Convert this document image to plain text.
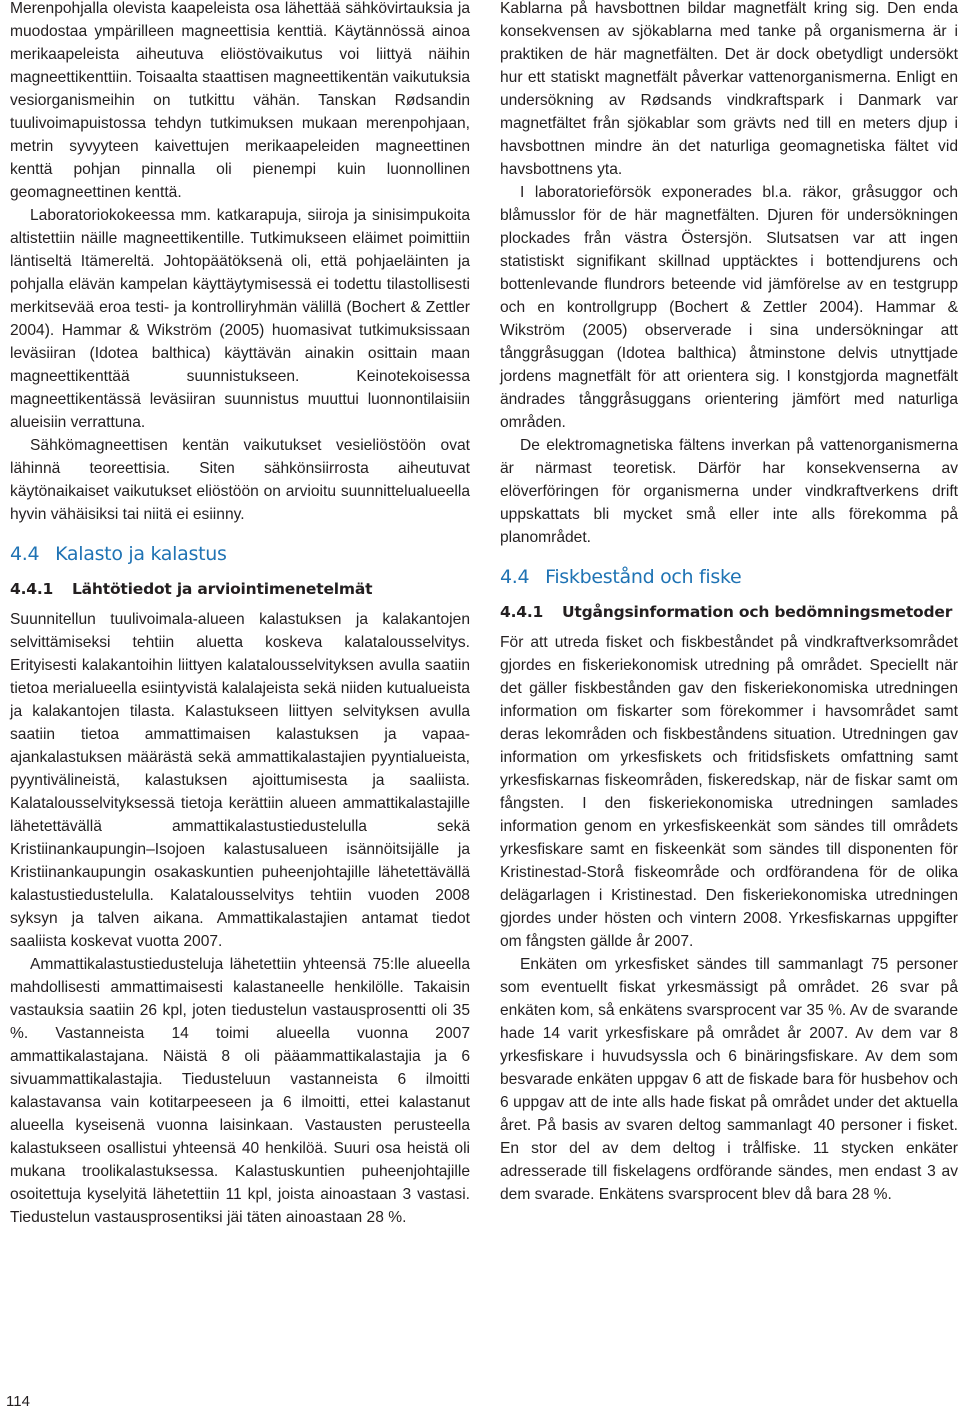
Merenpohjalla olevista kaapeleista osa lähettää sähkövirtauksia ja muodostaa ympärilleen magneettisia kenttiä. Käytännössä ainoa merikaapeleista aiheutuva eliöstövaikutus voi liittyä näihin magneettikenttiin. Toisaalta staattisen magneettikentän vaikutuksia vesiorganismeihin on tutkittu vähän. Tanskan Rødsandin tuulivoimapuistossa tehdyn tutkimuksen mukaan merenpohjaan, metrin syvyyteen kaivettujen merikaapeleiden magneettinen kenttä pohjan pinnalla oli pienempi kuin luonnollinen geomagneettinen kenttä.

Laboratoriokokeessa mm. katkarapuja, siiroja ja sinisimpukoita altistettiin näille magneettikentille. Tutkimukseen eläimet poimittiin läntiseltä Itämereltä. Johtopäätöksenä oli, että pohjaeläinten ja pohjalla elävän kampelan käyttäytymisessä ei todettu tilastollisesti merkitsevää eroa testi- ja kontrolliryhmän välillä (Bochert & Zettler 2004). Hammar & Wikström (2005) huomasivat tutkimuksissaan leväsiiran (Idotea balthica) käyttävän ainakin osittain maan magneettikenttää suunnistukseen. Keinotekoisessa magneettikentässä leväsiiran suunnistus muuttui luonnontilaisiin alueisiin verrattuna.

Sähkömagneettisen kentän vaikutukset vesieliöstöön ovat lähinnä teoreettisia. Siten sähkönsiirrosta aiheutuvat käytönaikaiset vaikutukset eliöstöön on arvioitu suunnittelualueella hyvin vähäisiksi tai niitä ei esiinny.

4.4 Kalasto ja kalastus
4.4.1 Lähtötiedot ja arviointimenetelmät

Suunnitellun tuulivoimala-alueen kalastuksen ja kalakantojen selvittämiseksi tehtiin aluetta koskeva kalatalousselvitys. Erityisesti kalakantoihin liittyen kalatalousselvityksen avulla saatiin tietoa merialueella esiintyvistä kalalajeista sekä niiden kutualueista ja kalakantojen tilasta. Kalastukseen liittyen selvityksen avulla saatiin tietoa ammattimaisen kalastuksen ja vapaa-ajankalastuksen määrästä sekä ammattikalastajien pyyntialueista, pyyntivälineistä, kalastuksen ajoittumisesta ja saaliista. Kalatalousselvityksessä tietoja kerättiin alueen ammattikalastajille lähetettävällä ammattikalastustiedustelulla sekä Kristiinankaupungin–Isojoen kalastusalueen isännöitsijälle ja Kristiinankaupungin osakaskuntien puheenjohtajille lähetettävällä kalastustiedustelulla. Kalatalousselvitys tehtiin vuoden 2008 syksyn ja talven aikana. Ammattikalastajien antamat tiedot saaliista koskevat vuotta 2007.

Ammattikalastustiedusteluja lähetettiin yhteensä 75:lle alueella mahdollisesti ammattimaisesti kalastaneelle henkilölle. Takaisin vastauksia saatiin 26 kpl, joten tiedustelun vastausprosentti oli 35 %. Vastanneista 14 toimi alueella vuonna 2007 ammattikalastajana. Näistä 8 oli pääammattikalastajia ja 6 sivuammattikalastajia. Tiedusteluun vastanneista 6 ilmoitti kalastavansa vain kotitarpeeseen ja 6 ilmoitti, ettei kalastanut alueella kyseisenä vuonna laisinkaan. Vastausten perusteella kalastukseen osallistui yhteensä 40 henkilöä. Suuri osa heistä oli mukana troolikalastuksessa. Kalastuskuntien puheenjohtajille osoitettuja kyselyitä lähetettiin 11 kpl, joista ainoastaan 3 vastasi. Tiedustelun vastausprosentiksi jäi täten ainoastaan 28 %.

Kablarna på havsbottnen bildar magnetfält kring sig. Den enda konsekvensen av sjökablarna med tanke på organismerna är i praktiken de här magnetfälten. Det är dock obetydligt undersökt hur ett statiskt magnetfält påverkar vattenorganismerna. Enligt en undersökning av Rødsands vindkraftspark i Danmark var magnetfältet från sjökablar som grävts ned till en meters djup i havsbottnen mindre än det naturliga geomagnetiska fältet vid havsbottnens yta.

I laboratorieförsök exponerades bl.a. räkor, gråsuggor och blåmusslor för de här magnetfälten. Djuren för undersökningen plockades från västra Östersjön. Slutsatsen var att ingen statistiskt signifikant skillnad upptäcktes i bottendjurens och bottenlevande flundrors beteende vid jämförelse av en testgrupp och en kontrollgrupp (Bochert & Zettler 2004). Hammar & Wikström (2005) observerade i sina undersökningar att tånggråsuggan (Idotea balthica) åtminstone delvis utnyttjade jordens magnetfält för att orientera sig. I konstgjorda magnetfält ändrades tånggråsuggans orientering jämfört med naturliga områden.

De elektromagnetiska fältens inverkan på vattenorganismerna är närmast teoretisk. Därför har konsekvenserna av elöverföringen för organismerna under vindkraftverkens drift uppskattats bli mycket små eller inte alls förekomma på planområdet.

4.4 Fiskbestånd och fiske
4.4.1 Utgångsinformation och bedömningsmetoder

För att utreda fisket och fiskbeståndet på vindkraftverksområdet gjordes en fiskeriekonomisk utredning på området. Speciellt när det gäller fiskbestånden gav den fiskeriekonomiska utredningen information om fiskarter som förekommer i havsområdet samt deras lekområden och fiskbeståndens situation. Utredningen gav information om yrkesfiskets och fritidsfiskets omfattning samt yrkesfiskarnas fiskeområden, fiskeredskap, när de fiskar samt om fångsten. I den fiskeriekonomiska utredningen samlades information genom en yrkesfiskeenkät som sändes till områdets yrkesfiskare samt en fiskeenkät som sändes till disponenten för Kristinestad-Storå fiskeområde och ordförandena för de olika delägarlagen i Kristinestad. Den fiskeriekonomiska utredningen gjordes under hösten och vintern 2008. Yrkesfiskarnas uppgifter om fångsten gällde år 2007.

Enkäten om yrkesfisket sändes till sammanlagt 75 personer som eventuellt fiskat yrkesmässigt på området. 26 svar på enkäten kom, så enkätens svarsprocent var 35 %. Av de svarande hade 14 varit yrkesfiskare på området år 2007. Av dem var 8 yrkesfiskare i huvudsyssla och 6 binäringsfiskare. Av dem som besvarade enkäten uppgav 6 att de fiskade bara för husbehov och 6 uppgav att de inte alls hade fiskat på området under det aktuella året. På basis av svaren deltog sammanlagt 40 personer i fisket. En stor del av dem deltog i trålfiske. 11 stycken enkäter adresserade till fiskelagens ordförande sändes, men endast 3 av dem svarade. Enkätens svarsprocent blev då bara 28 %.

114
